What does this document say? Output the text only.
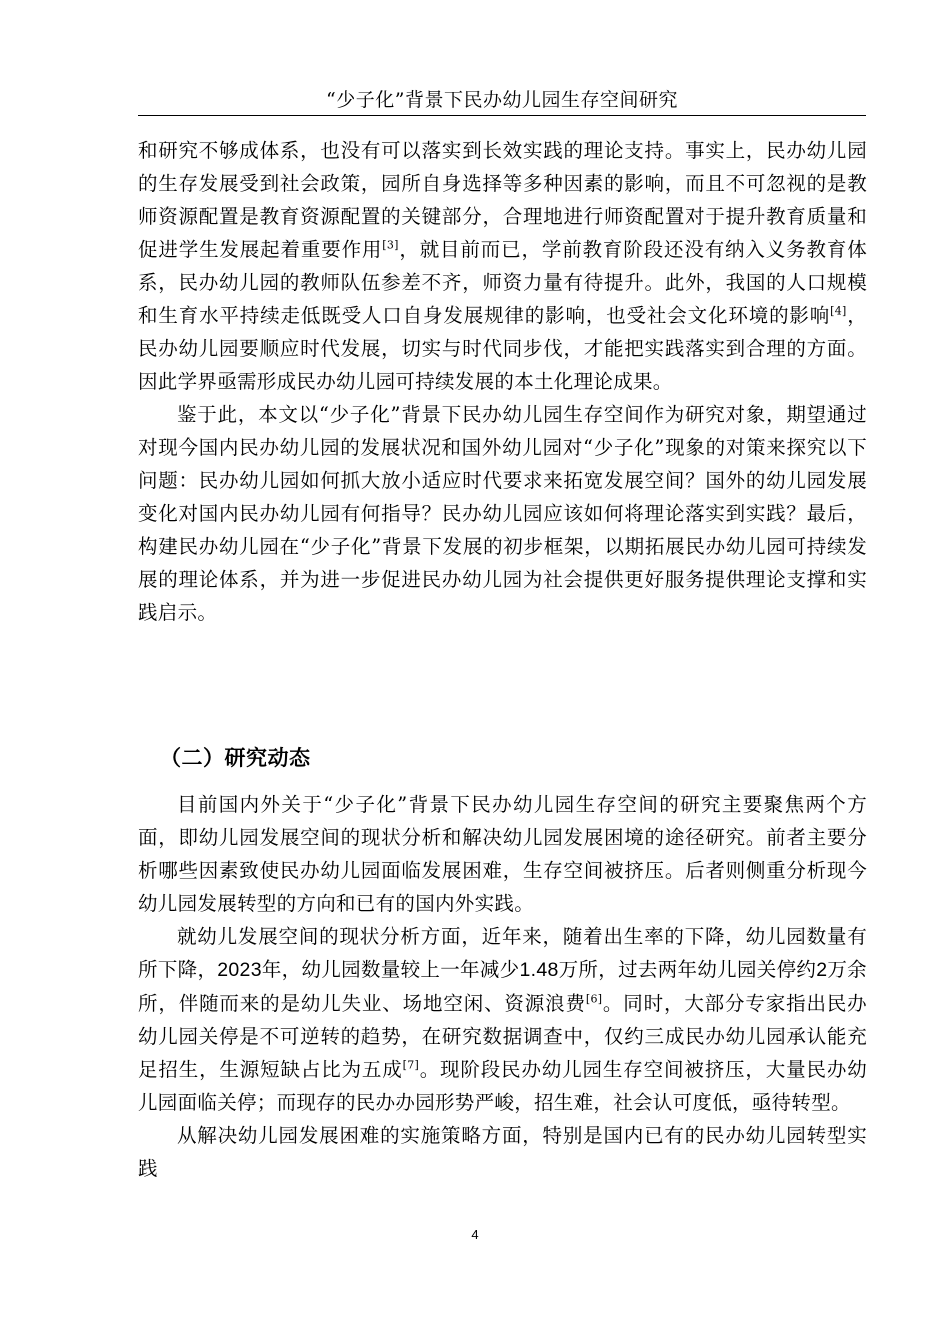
“少子化”背景下民办幼儿园生存空间研究

和研究不够成体系，也没有可以落实到长效实践的理论支持。事实上，民办幼儿园的生存发展受到社会政策，园所自身选择等多种因素的影响，而且不可忽视的是教师资源配置是教育资源配置的关键部分，合理地进行师资配置对于提升教育质量和促进学生发展起着重要作用[3]，就目前而已，学前教育阶段还没有纳入义务教育体系，民办幼儿园的教师队伍参差不齐，师资力量有待提升。此外，我国的人口规模和生育水平持续走低既受人口自身发展规律的影响，也受社会文化环境的影响[4]，民办幼儿园要顺应时代发展，切实与时代同步伐，才能把实践落实到合理的方面。因此学界亟需形成民办幼儿园可持续发展的本土化理论成果。

鉴于此，本文以“少子化”背景下民办幼儿园生存空间作为研究对象，期望通过对现今国内民办幼儿园的发展状况和国外幼儿园对“少子化”现象的对策来探究以下问题：民办幼儿园如何抓大放小适应时代要求来拓宽发展空间？国外的幼儿园发展变化对国内民办幼儿园有何指导？民办幼儿园应该如何将理论落实到实践？最后，构建民办幼儿园在“少子化”背景下发展的初步框架，以期拓展民办幼儿园可持续发展的理论体系，并为进一步促进民办幼儿园为社会提供更好服务提供理论支撑和实践启示。

（二）研究动态

目前国内外关于“少子化”背景下民办幼儿园生存空间的研究主要聚焦两个方面，即幼儿园发展空间的现状分析和解决幼儿园发展困境的途径研究。前者主要分析哪些因素致使民办幼儿园面临发展困难，生存空间被挤压。后者则侧重分析现今幼儿园发展转型的方向和已有的国内外实践。

就幼儿发展空间的现状分析方面，近年来，随着出生率的下降，幼儿园数量有所下降，2023年，幼儿园数量较上一年减少1.48万所，过去两年幼儿园关停约2万余所，伴随而来的是幼儿失业、场地空闲、资源浪费[6]。同时，大部分专家指出民办幼儿园关停是不可逆转的趋势，在研究数据调查中，仅约三成民办幼儿园承认能充足招生，生源短缺占比为五成[7]。现阶段民办幼儿园生存空间被挤压，大量民办幼儿园面临关停；而现存的民办办园形势严峻，招生难，社会认可度低，亟待转型。

从解决幼儿园发展困难的实施策略方面，特别是国内已有的民办幼儿园转型实践

4
